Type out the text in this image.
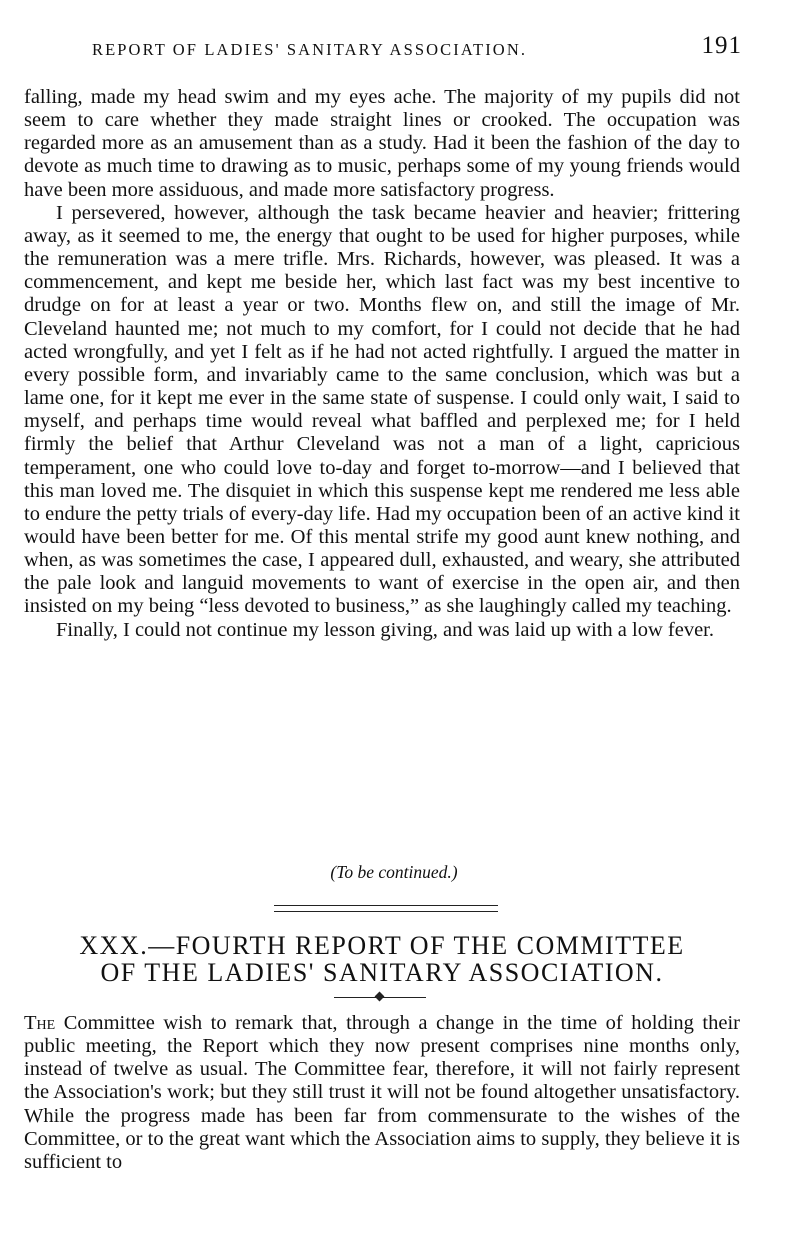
REPORT OF LADIES' SANITARY ASSOCIATION.	191

falling, made my head swim and my eyes ache. The majority of my pupils did not seem to care whether they made straight lines or crooked. The occupation was regarded more as an amusement than as a study. Had it been the fashion of the day to devote as much time to drawing as to music, perhaps some of my young friends would have been more assiduous, and made more satisfactory progress.

I persevered, however, although the task became heavier and heavier; frittering away, as it seemed to me, the energy that ought to be used for higher purposes, while the remuneration was a mere trifle. Mrs. Richards, however, was pleased. It was a commencement, and kept me beside her, which last fact was my best incentive to drudge on for at least a year or two. Months flew on, and still the image of Mr. Cleveland haunted me; not much to my comfort, for I could not decide that he had acted wrongfully, and yet I felt as if he had not acted rightfully. I argued the matter in every possible form, and invariably came to the same conclusion, which was but a lame one, for it kept me ever in the same state of suspense. I could only wait, I said to myself, and perhaps time would reveal what baffled and perplexed me; for I held firmly the belief that Arthur Cleveland was not a man of a light, capricious temperament, one who could love to-day and forget to-morrow—and I believed that this man loved me. The disquiet in which this suspense kept me rendered me less able to endure the petty trials of every-day life. Had my occupation been of an active kind it would have been better for me. Of this mental strife my good aunt knew nothing, and when, as was sometimes the case, I appeared dull, exhausted, and weary, she attributed the pale look and languid movements to want of exercise in the open air, and then insisted on my being “less devoted to business,” as she laughingly called my teaching.

Finally, I could not continue my lesson giving, and was laid up with a low fever.

(To be continued.)
XXX.—FOURTH REPORT OF THE COMMITTEE
OF THE LADIES' SANITARY ASSOCIATION.

The Committee wish to remark that, through a change in the time of holding their public meeting, the Report which they now present comprises nine months only, instead of twelve as usual. The Committee fear, therefore, it will not fairly represent the Association's work; but they still trust it will not be found altogether unsatisfactory. While the progress made has been far from commensurate to the wishes of the Committee, or to the great want which the Association aims to supply, they believe it is sufficient to
